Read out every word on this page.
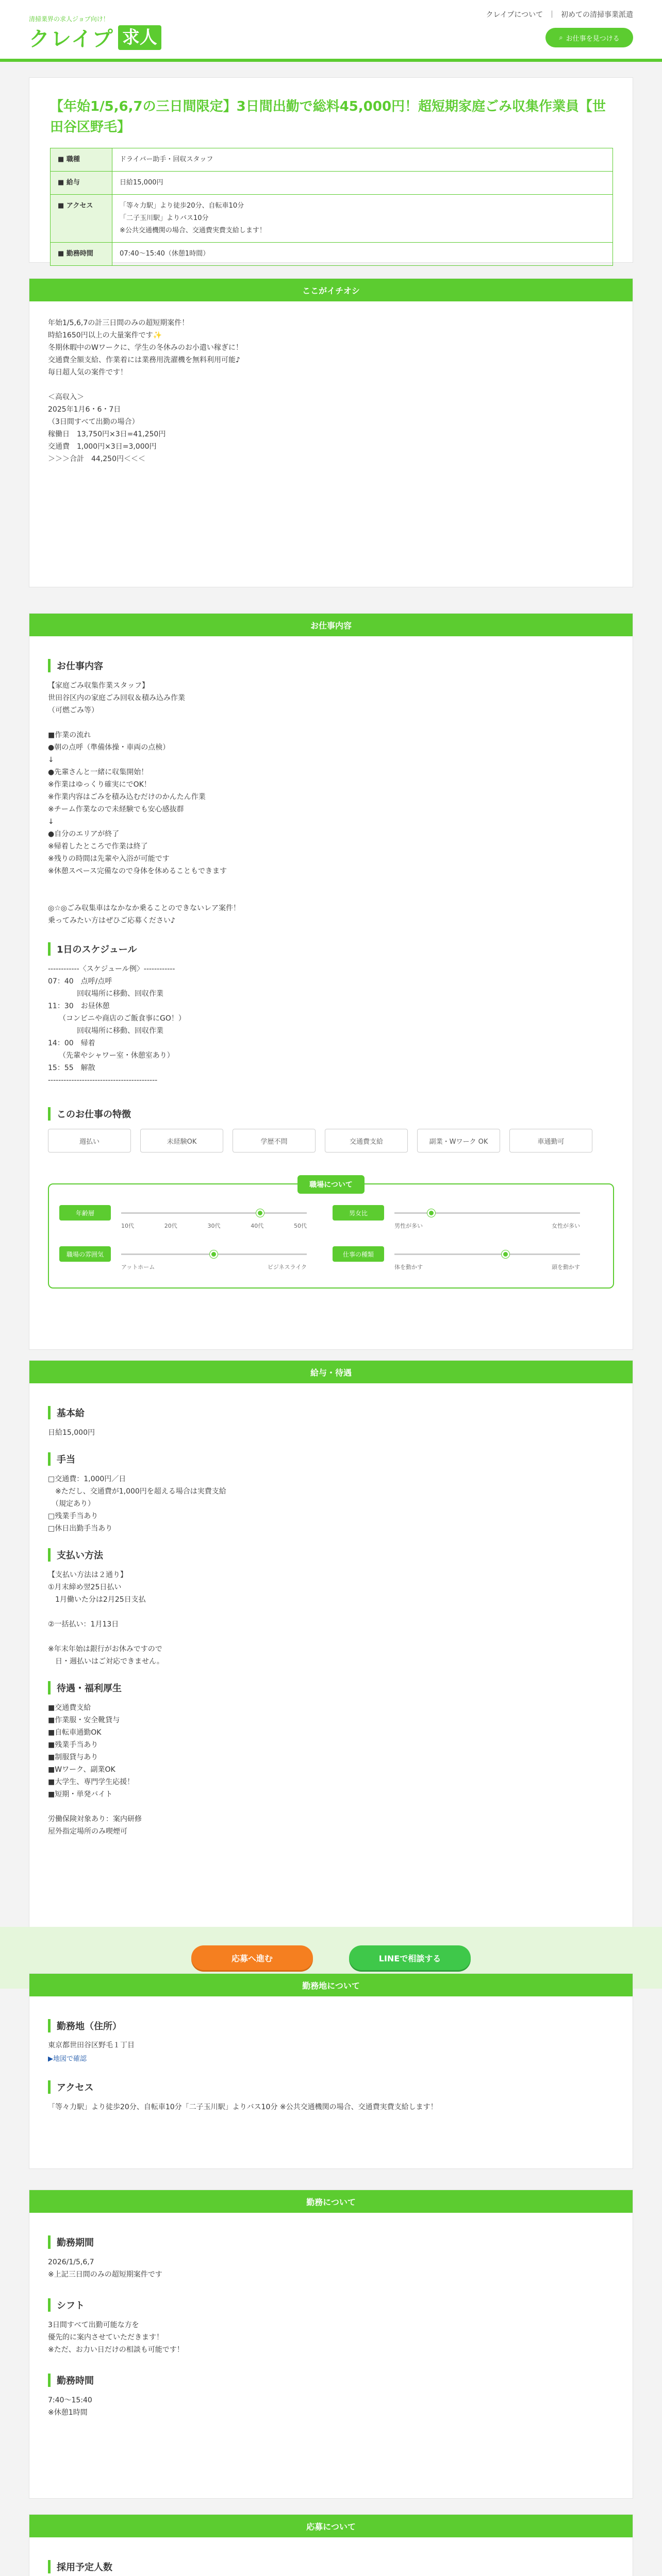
清掃業界の求人ジョブ向け！
クレイプ 求人
クレイプについて ｜ 初めての清掃事業派遣
⌕ お仕事を見つける
【年始1/5,6,7の三日間限定】3日間出勤で総料45,000円！超短期家庭ごみ収集作業員【世田谷区野毛】
■ 職種	ドライバー助手・回収スタッフ
■ 給与	日給15,000円
■ アクセス	「等々力駅」より徒歩20分、自転車10分
「二子玉川駅」よりバス10分
※公共交通機関の場合、交通費実費支給します！
■ 勤務時間	07:40～15:40（休憩1時間）
ここがイチオシ
年始1/5,6,7の計三日間のみの超短期案件！
時給1650円以上の大量案件です✨
冬期休暇中のWワークに、学生の冬休みのお小遣い稼ぎに！
交通費全額支給、作業着には業務用洗濯機を無料利用可能♪
毎日超人気の案件です！

＜高収入＞
2025年1月6・6・7日
（3日間すべて出勤の場合）
稼働日　13,750円×3日=41,250円
交通費　1,000円×3日=3,000円
＞＞＞合計　44,250円＜＜＜
お仕事内容
お仕事内容
【家庭ごみ収集作業スタッフ】
世田谷区内の家庭ごみ回収＆積み込み作業
（可燃ごみ等）

■作業の流れ
●朝の点呼（準備体操・車両の点検）
↓
●先輩さんと一緒に収集開始！
※作業はゆっくり確実にでOK！
※作業内容はごみを積み込むだけのかんたん作業
※チーム作業なので未経験でも安心感抜群
↓
●自分のエリアが終了
※帰着したところで作業は終了
※残りの時間は先輩や入浴が可能です
※休憩スペース完備なので身体を休めることもできます

◎☆◎ごみ収集車はなかなか乗ることのできないレア案件！
乗ってみたい方はぜひご応募ください♪
1日のスケジュール
------------〈スケジュール例〉------------
07：40　点呼/点呼
　　　　回収場所に移動、回収作業
11：30　お昼休憩
　　（コンビニや商店のご飯食事にGO！）
　　　　回収場所に移動、回収作業
14：00　帰着
　　（先輩やシャワー室・休憩室あり）
15：55　解散
------------------------------------------
このお仕事の特徴
週払い	未経験OK	学歴不問	交通費支給	副業・Wワーク OK	車通勤可
職場について
年齢層
10代	20代	30代	40代	50代
男女比
男性が多い	女性が多い
職場の雰囲気
アットホーム	ビジネスライク
仕事の種類
体を動かす	頭を動かす
給与・待遇
基本給
日給15,000円
手当
□交通費：1,000円／日
　※ただし、交通費が1,000円を超える場合は実費支給
　（規定あり）
□残業手当あり
□休日出勤手当あり
支払い方法
【支払い方法は２通り】
①月末締め翌25日払い
　1月働いた分は2月25日支払

②一括払い：1月13日

※年末年始は銀行がお休みですので
　日・週払いはご対応できません。
待遇・福利厚生
■交通費支給
■作業服・安全靴貸与
■自転車通勤OK
■残業手当あり
■制服貸与あり
■Wワーク、副業OK
■大学生、専門学生応援！
■短期・単発バイト

労働保険対象あり：案内研修
屋外指定場所のみ喫煙可
応募へ進む	LINEで相談する
勤務地について
勤務地（住所）
東京都世田谷区野毛１丁目
▶地図で確認
アクセス
「等々力駅」より徒歩20分、自転車10分「二子玉川駅」よりバス10分 ※公共交通機関の場合、交通費実費支給します！
勤務について
勤務期間
2026/1/5,6,7
※上記三日間のみの超短期案件です
シフト
3日間すべて出勤可能な方を
優先的に案内させていただきます！
※ただ、お力い日だけの相談も可能です！
勤務時間
7:40～15:40
※休憩1時間
応募について
採用予定人数
